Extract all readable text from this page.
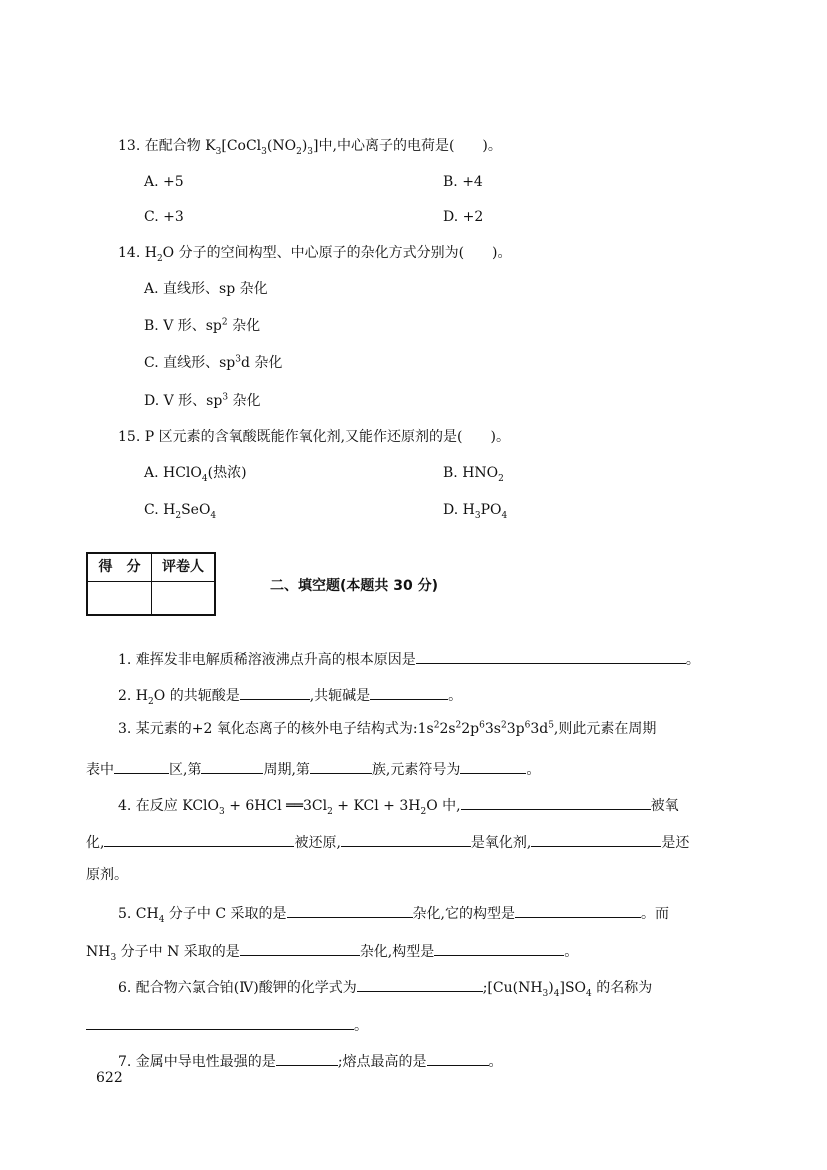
13. 在配合物 $K_3[CoCl_3(NO_2)_3]$中,中心离子的电荷是(　　)。
A. +5	B. +4
C. +3	D. +2
14. $H_2O$ 分子的空间构型、中心原子的杂化方式分别为(　　)。
A. 直线形、sp 杂化
B. V 形、$sp^2$ 杂化
C. 直线形、$sp^3d$ 杂化
D. V 形、$sp^3$ 杂化
15. P 区元素的含氧酸既能作氧化剂,又能作还原剂的是(　　)。
A. HClO$_4$(热浓)	B. $HNO_2$
C. $H_2SeO_4$	D. $H_3PO_4$
得　分	评卷人
二、填空题(本题共 30 分)
1. 难挥发非电解质稀溶液沸点升高的根本原因是	。
2. $H_2O$ 的共轭酸是	,共轭碱是	。
3. 某元素的+2 氧化态离子的核外电子结构式为$:1s^22s^22p^63s^23p^63d^5$,则此元素在周期
表中	区,第	周期,第	族,元素符号为	。
4. 在反应 KClO$_3$ + 6HCl $══3Cl_2$ + KCl + $3H_2O$ 中,	被氧
化,	被还原,	是氧化剂,	是还
原剂。
5. $CH_4$ 分子中 C 采取的是	杂化,它的构型是	。而
$NH_3$ 分子中 N 采取的是	杂化,构型是	。
6. 配合物六氯合铂(Ⅳ)酸钾的化学式为	$;[Cu(NH_3)_4]SO_4$ 的名称为
。
7. 金属中导电性最强的是	;熔点最高的是	。
622
